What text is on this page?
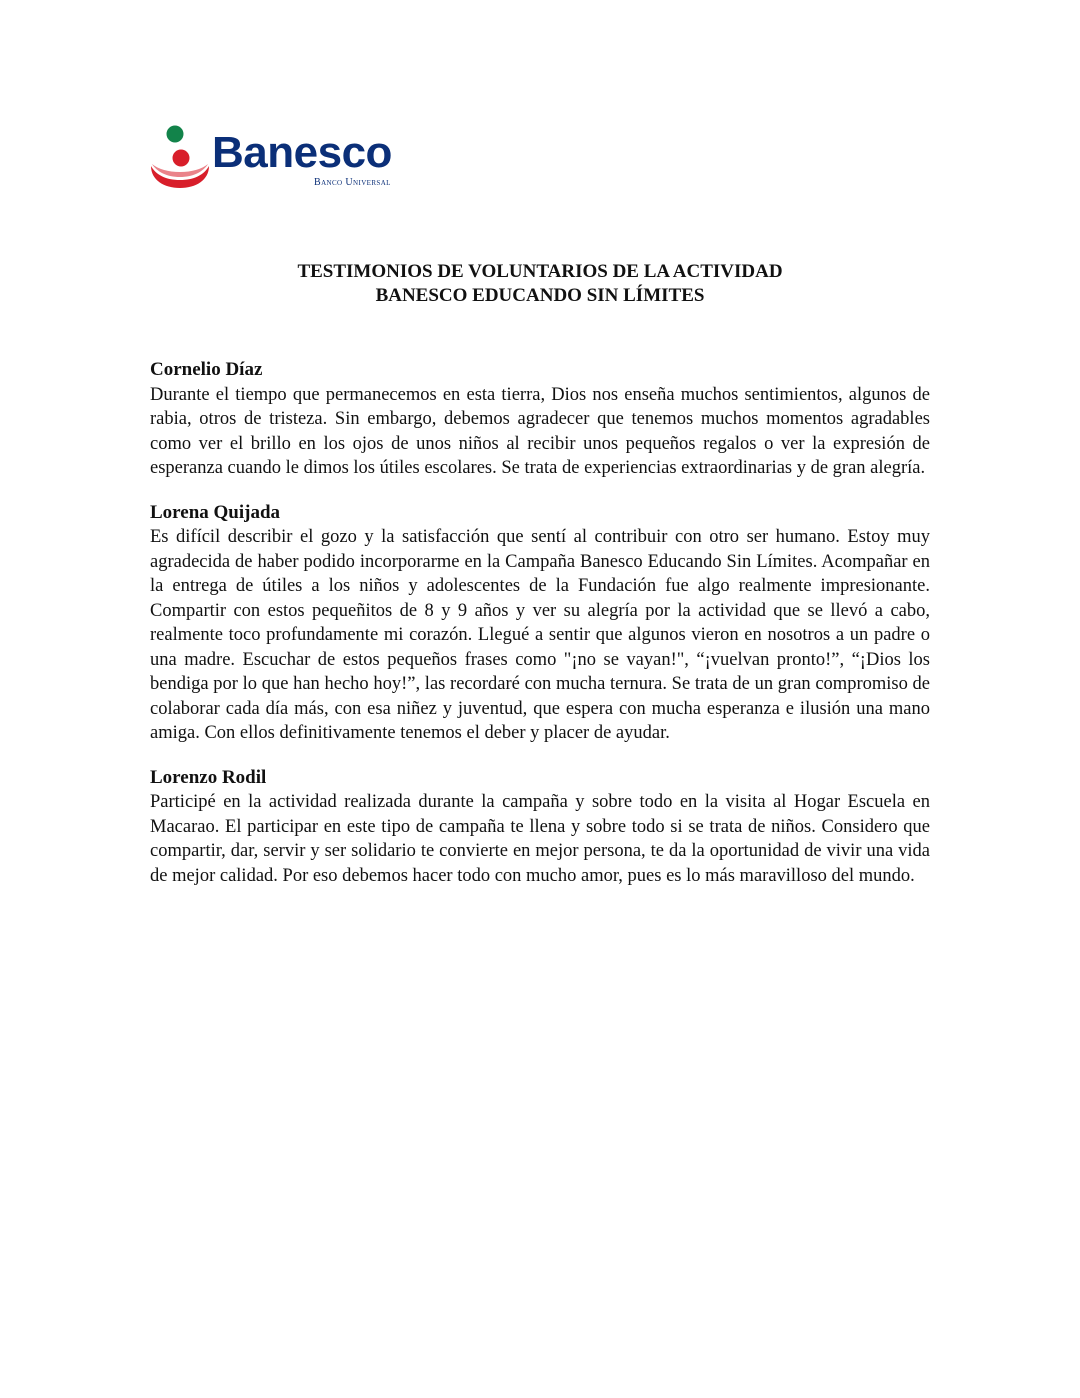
Banesco
Banco Universal
TESTIMONIOS DE VOLUNTARIOS DE LA ACTIVIDAD
BANESCO EDUCANDO SIN LÍMITES

Cornelio Díaz

Durante el tiempo que permanecemos en esta tierra, Dios nos enseña muchos sentimientos, algunos de rabia, otros de tristeza. Sin embargo, debemos agradecer que tenemos muchos momentos agradables como ver el brillo en los ojos de unos niños al recibir unos pequeños regalos o ver la expresión de esperanza cuando le dimos los útiles escolares. Se trata de experiencias extraordinarias y de gran alegría.

Lorena Quijada

Es difícil describir el gozo y la satisfacción que sentí al contribuir con otro ser humano. Estoy muy agradecida de haber podido incorporarme en la Campaña Banesco Educando Sin Límites. Acompañar en la entrega de útiles a los niños y adolescentes de la Fundación fue algo realmente impresionante. Compartir con estos pequeñitos de 8 y 9 años y ver su alegría por la actividad que se llevó a cabo, realmente toco profundamente mi corazón. Llegué a sentir que algunos vieron en nosotros a un padre o una madre. Escuchar de estos pequeños frases como "¡no se vayan!", “¡vuelvan pronto!”, “¡Dios los bendiga por lo que han hecho hoy!”, las recordaré con mucha ternura. Se trata de un gran compromiso de colaborar cada día más, con esa niñez y juventud, que espera con mucha esperanza e ilusión una mano amiga. Con ellos definitivamente tenemos el deber y placer de ayudar.

Lorenzo Rodil

Participé en la actividad realizada durante la campaña y sobre todo en la visita al Hogar Escuela en Macarao. El participar en este tipo de campaña te llena y sobre todo si se trata de niños. Considero que compartir, dar, servir y ser solidario te convierte en mejor persona, te da la oportunidad de vivir una vida de mejor calidad. Por eso debemos hacer todo con mucho amor, pues es lo más maravilloso del mundo.
